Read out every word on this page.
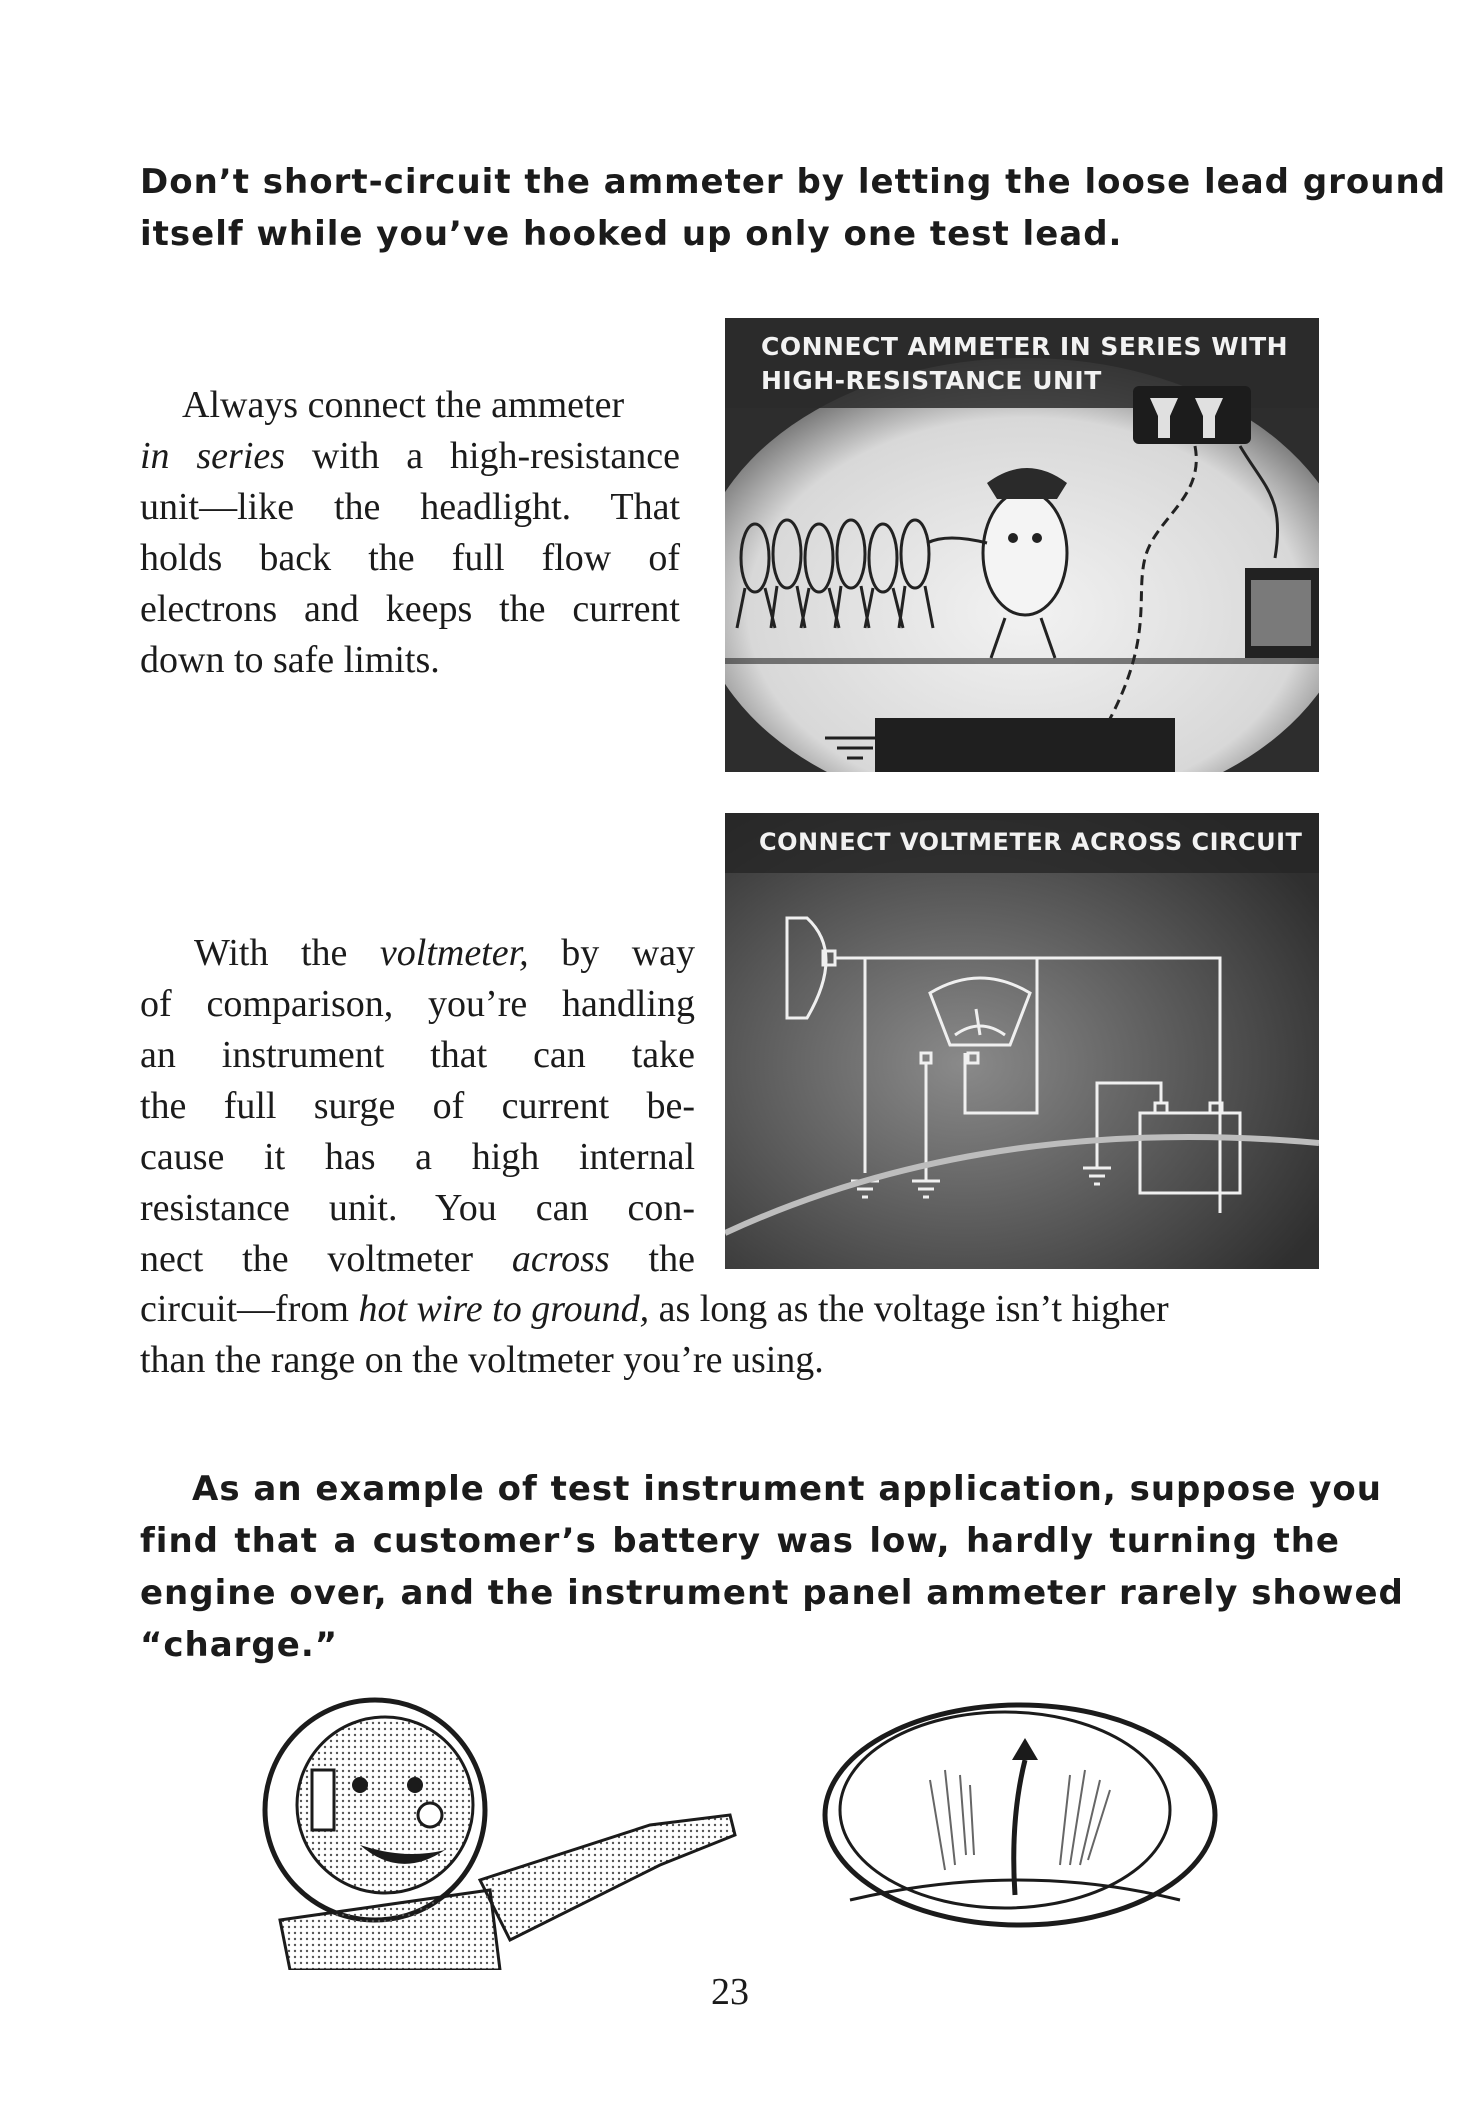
Don’t short-circuit the ammeter by letting the loose lead ground
itself while you’ve hooked up only one test lead.
Always connect the ammeter
in series with a high-resistance
unit—like the headlight. That
holds back the full flow of
electrons and keeps the current
down to safe limits.
CONNECT AMMETER IN SERIES WITH
HIGH-RESISTANCE UNIT
CONNECT VOLTMETER ACROSS CIRCUIT
With the voltmeter, by way
of comparison, you’re handling
an instrument that can take
the full surge of current be-
cause it has a high internal
resistance unit. You can con-
nect the voltmeter across the
circuit—from hot wire to ground, as long as the voltage isn’t higher
than the range on the voltmeter you’re using.
As an example of test instrument application, suppose you
find that a customer’s battery was low, hardly turning the
engine over, and the instrument panel ammeter rarely showed
“charge.”
23
